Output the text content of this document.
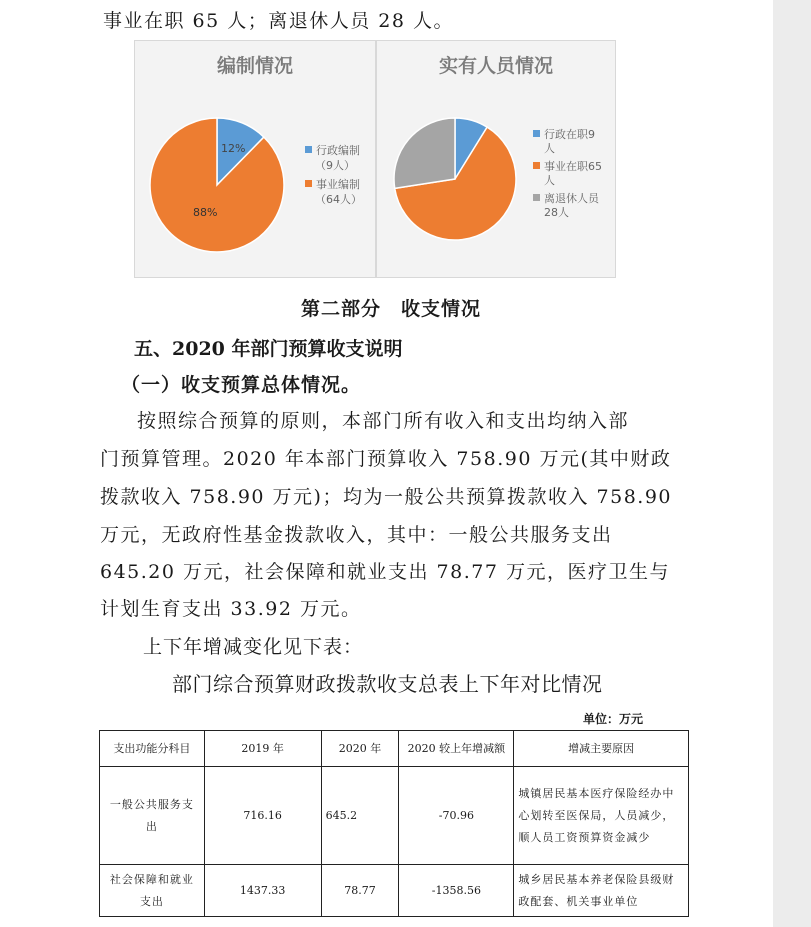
事业在职 65 人；离退休人员 28 人。
编制情况
12%
88%
行政编制
（9人）
事业编制
（64人）
实有人员情况
行政在职9
人
事业在职65
人
离退休人员
28人
第二部分　收支情况
五、2020 年部门预算收支说明
（一）收支预算总体情况。
按照综合预算的原则，本部门所有收入和支出均纳入部
门预算管理。2020 年本部门预算收入 758.90 万元(其中财政
拨款收入 758.90 万元)；均为一般公共预算拨款收入 758.90
万元，无政府性基金拨款收入，其中：一般公共服务支出
645.20 万元，社会保障和就业支出 78.77 万元，医疗卫生与
计划生育支出 33.92 万元。
上下年增减变化见下表：
部门综合预算财政拨款收支总表上下年对比情况
单位：万元
支出功能分科目	2019 年	2020 年	2020 较上年增减额	增减主要原因
一般公共服务支出	716.16	645.2	-70.96	城镇居民基本医疗保险经办中心划转至医保局，人员减少，顺人员工资预算资金减少
社会保障和就业支出	1437.33	78.77	-1358.56	城乡居民基本养老保险县级财政配套、机关事业单位
